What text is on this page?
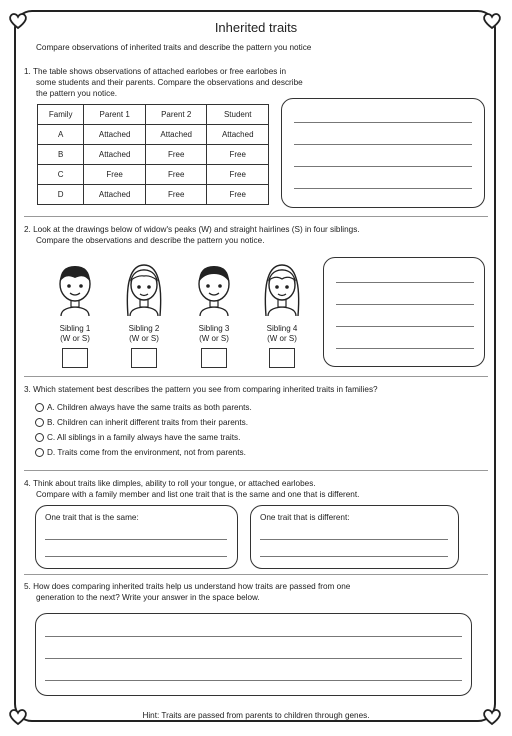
Inherited traits
Compare observations of inherited traits and describe the pattern you notice
1. The table shows observations of attached earlobes or free earlobes in
some students and their parents. Compare the observations and describe
the pattern you notice.
Family	Parent 1	Parent 2	Student
A	Attached	Attached	Attached
B	Attached	Free	Free
C	Free	Free	Free
D	Attached	Free	Free
2. Look at the drawings below of widow's peaks (W) and straight hairlines (S) in four siblings.
Compare the observations and describe the pattern you notice.
Sibling 1
(W or S)
Sibling 2
(W or S)
Sibling 3
(W or S)
Sibling 4
(W or S)
3. Which statement best describes the pattern you see from comparing inherited traits in families?
A. Children always have the same traits as both parents.
B. Children can inherit different traits from their parents.
C. All siblings in a family always have the same traits.
D. Traits come from the environment, not from parents.
4. Think about traits like dimples, ability to roll your tongue, or attached earlobes.
Compare with a family member and list one trait that is the same and one that is different.
One trait that is the same:	One trait that is different:
5. How does comparing inherited traits help us understand how traits are passed from one
generation to the next? Write your answer in the space below.
Hint: Traits are passed from parents to children through genes.
